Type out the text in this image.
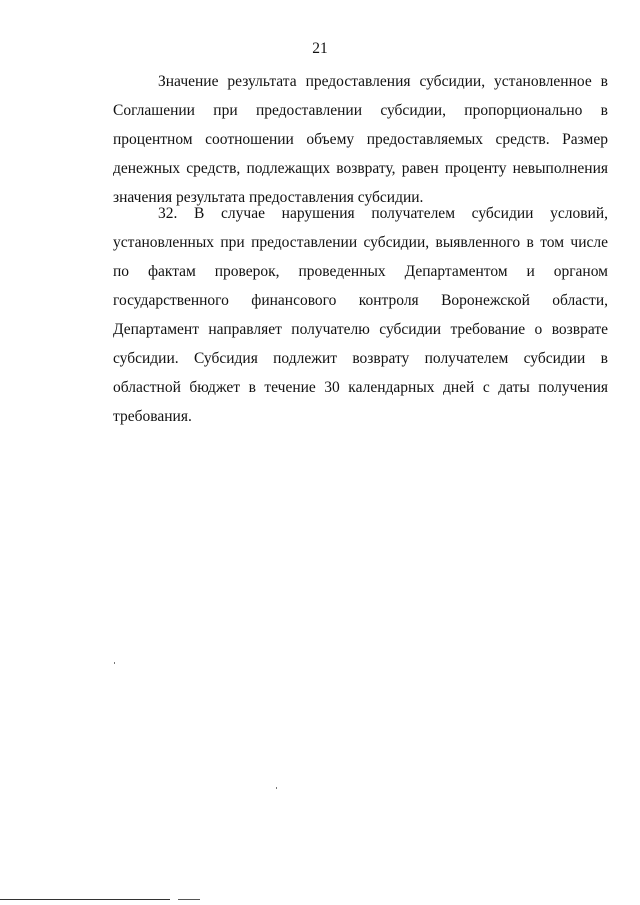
21

Значение результата предоставления субсидии, установленное в Соглашении при предоставлении субсидии, пропорционально в процентном соотношении объему предоставляемых средств. Размер денежных средств, подлежащих возврату, равен проценту невыполнения значения результата предоставления субсидии.

32. В случае нарушения получателем субсидии условий, установленных при предоставлении субсидии, выявленного в том числе по фактам проверок, проведенных Департаментом и органом государственного финансового контроля Воронежской области, Департамент направляет получателю субсидии требование о возврате субсидии. Субсидия подлежит возврату получателем субсидии в областной бюджет в течение 30 календарных дней с даты получения требования.
